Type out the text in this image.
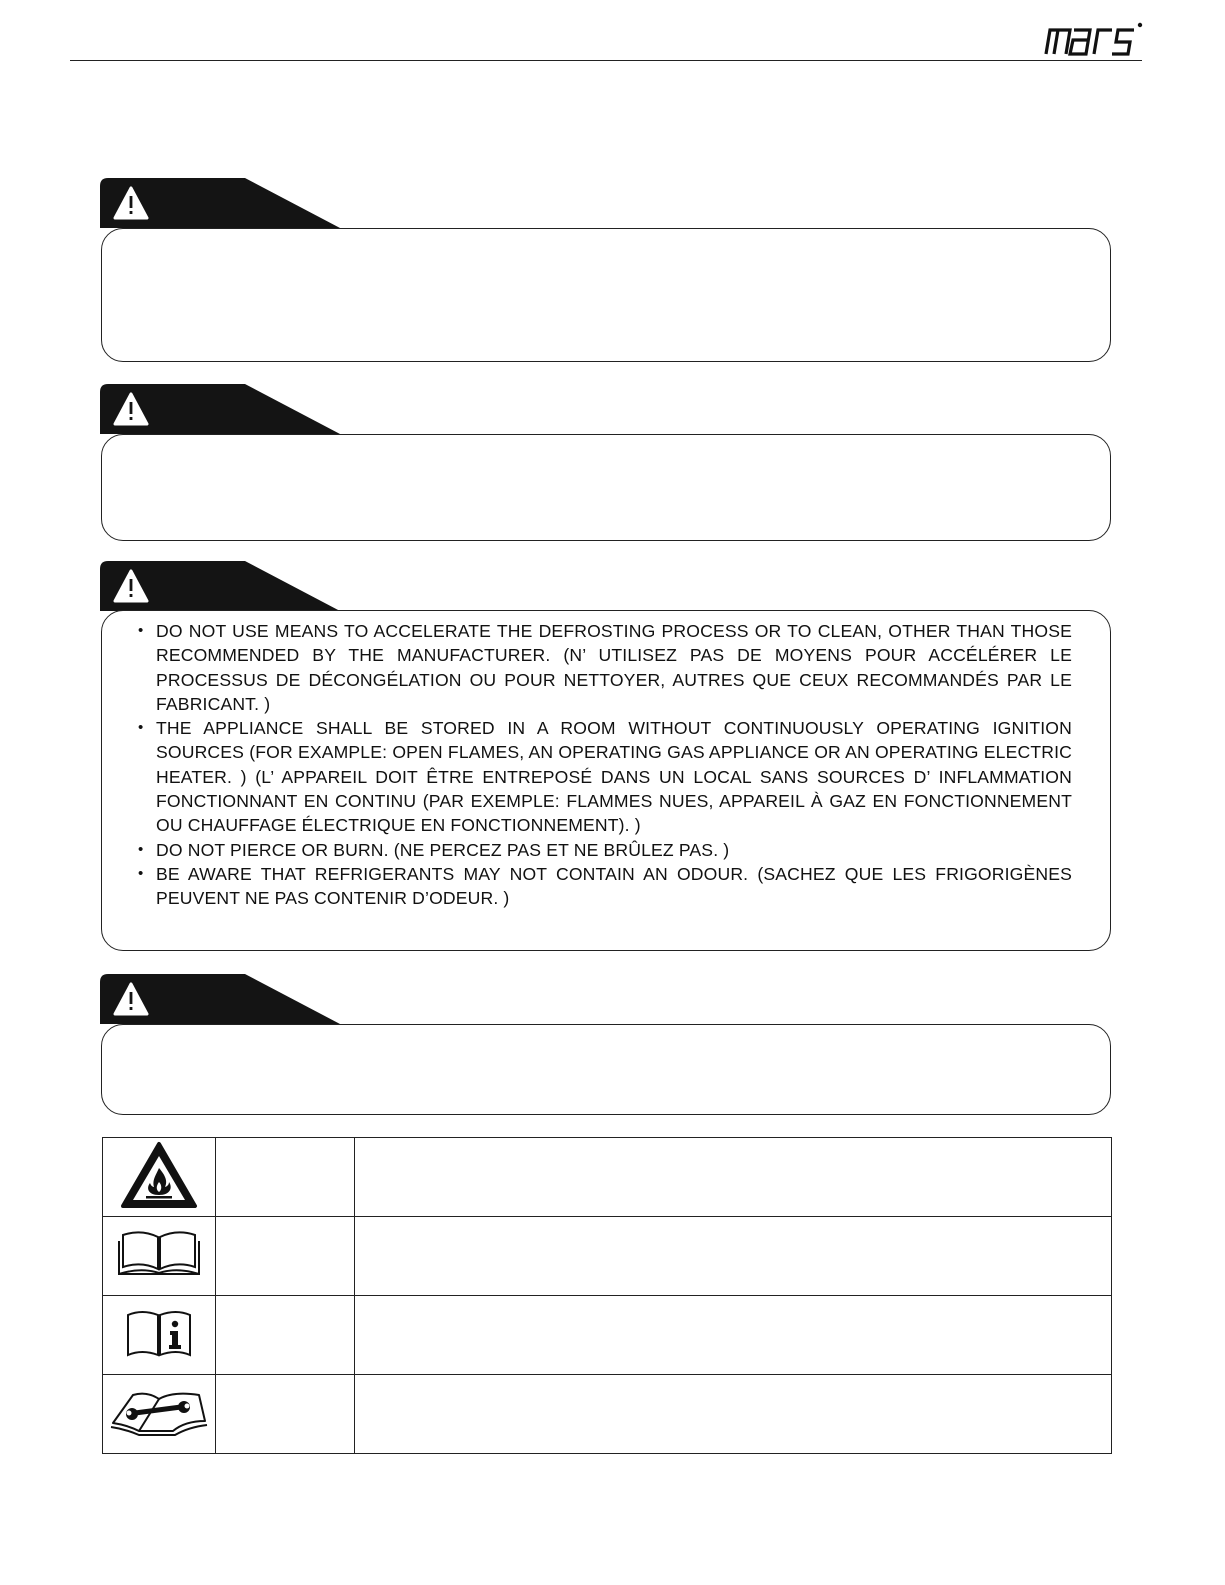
• DO NOT USE MEANS TO ACCELERATE THE DEFROSTING PROCESS OR TO CLEAN, OTHER THAN THOSE RECOMMENDED BY THE MANUFACTURER. (N’ UTILISEZ PAS DE MOYENS POUR ACCÉLÉRER LE PROCESSUS DE DÉCONGÉLATION OU POUR NETTOYER, AUTRES QUE CEUX RECOMMANDÉS PAR LE FABRICANT. )
• THE APPLIANCE SHALL BE STORED IN A ROOM WITHOUT CONTINUOUSLY OPERATING IGNITION SOURCES (FOR EXAMPLE: OPEN FLAMES, AN OPERATING GAS APPLIANCE OR AN OPERATING ELECTRIC HEATER. ) (L’ APPAREIL DOIT ÊTRE ENTREPOSÉ DANS UN LOCAL SANS SOURCES D’ INFLAMMATION FONCTIONNANT EN CONTINU (PAR EXEMPLE: FLAMMES NUES, APPAREIL À GAZ EN FONCTIONNEMENT OU CHAUFFAGE ÉLECTRIQUE EN FONCTIONNEMENT). )
• DO NOT PIERCE OR BURN. (NE PERCEZ PAS ET NE BRÛLEZ PAS. )
• BE AWARE THAT REFRIGERANTS MAY NOT CONTAIN AN ODOUR. (SACHEZ QUE LES FRIGORIGÈNES PEUVENT NE PAS CONTENIR D’ODEUR. )
